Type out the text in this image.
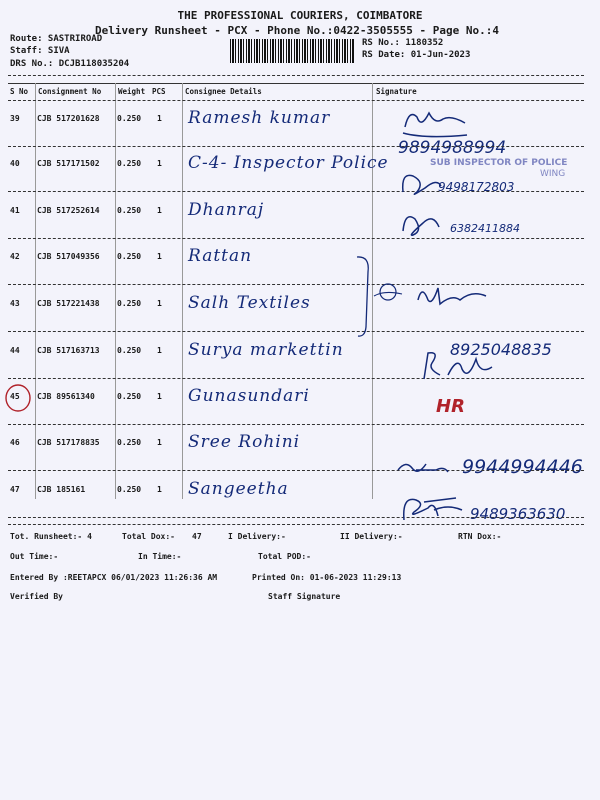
THE PROFESSIONAL COURIERS, COIMBATORE
Delivery Runsheet - PCX - Phone No.:0422-3505555 - Page No.:4
Route: SASTRIROAD
Staff: SIVA
DRS No.: DCJB118035204
RS No.: 1180352
RS Date: 01-Jun-2023
S No Consignment No Weight PCS	Consignee Details	Signature
39 CJB 517201628 0.250 1 Ramesh kumar
9894988994
40 CJB 517171502 0.250 1 C-4- Inspector Police
9498172803
41 CJB 517252614 0.250 1 Dhanraj
6382411884
42 CJB 517049356 0.250 1 Rattan
43 CJB 517221438 0.250 1 Salh Textiles
44 CJB 517163713 0.250 1 Surya markettin	8925048835
45 CJB 89561340	0.250 1 Gunasundari	HR
46 CJB 517178835 0.250 1 Sree Rohini
9944994446
47 CJB 185161	0.250 1 Sangeetha
9489363630
SUB INSPECTOR OF POLICE
WING
Tot. Runsheet:- 4	Total Dox:- 47	I Delivery:-	II Delivery:-	RTN Dox:-
Out Time:-	In Time:-	Total POD:-
Entered By :REETAPCX 06/01/2023 11:26:36 AM	Printed On: 01-06-2023 11:29:13
Verified By	Staff Signature
